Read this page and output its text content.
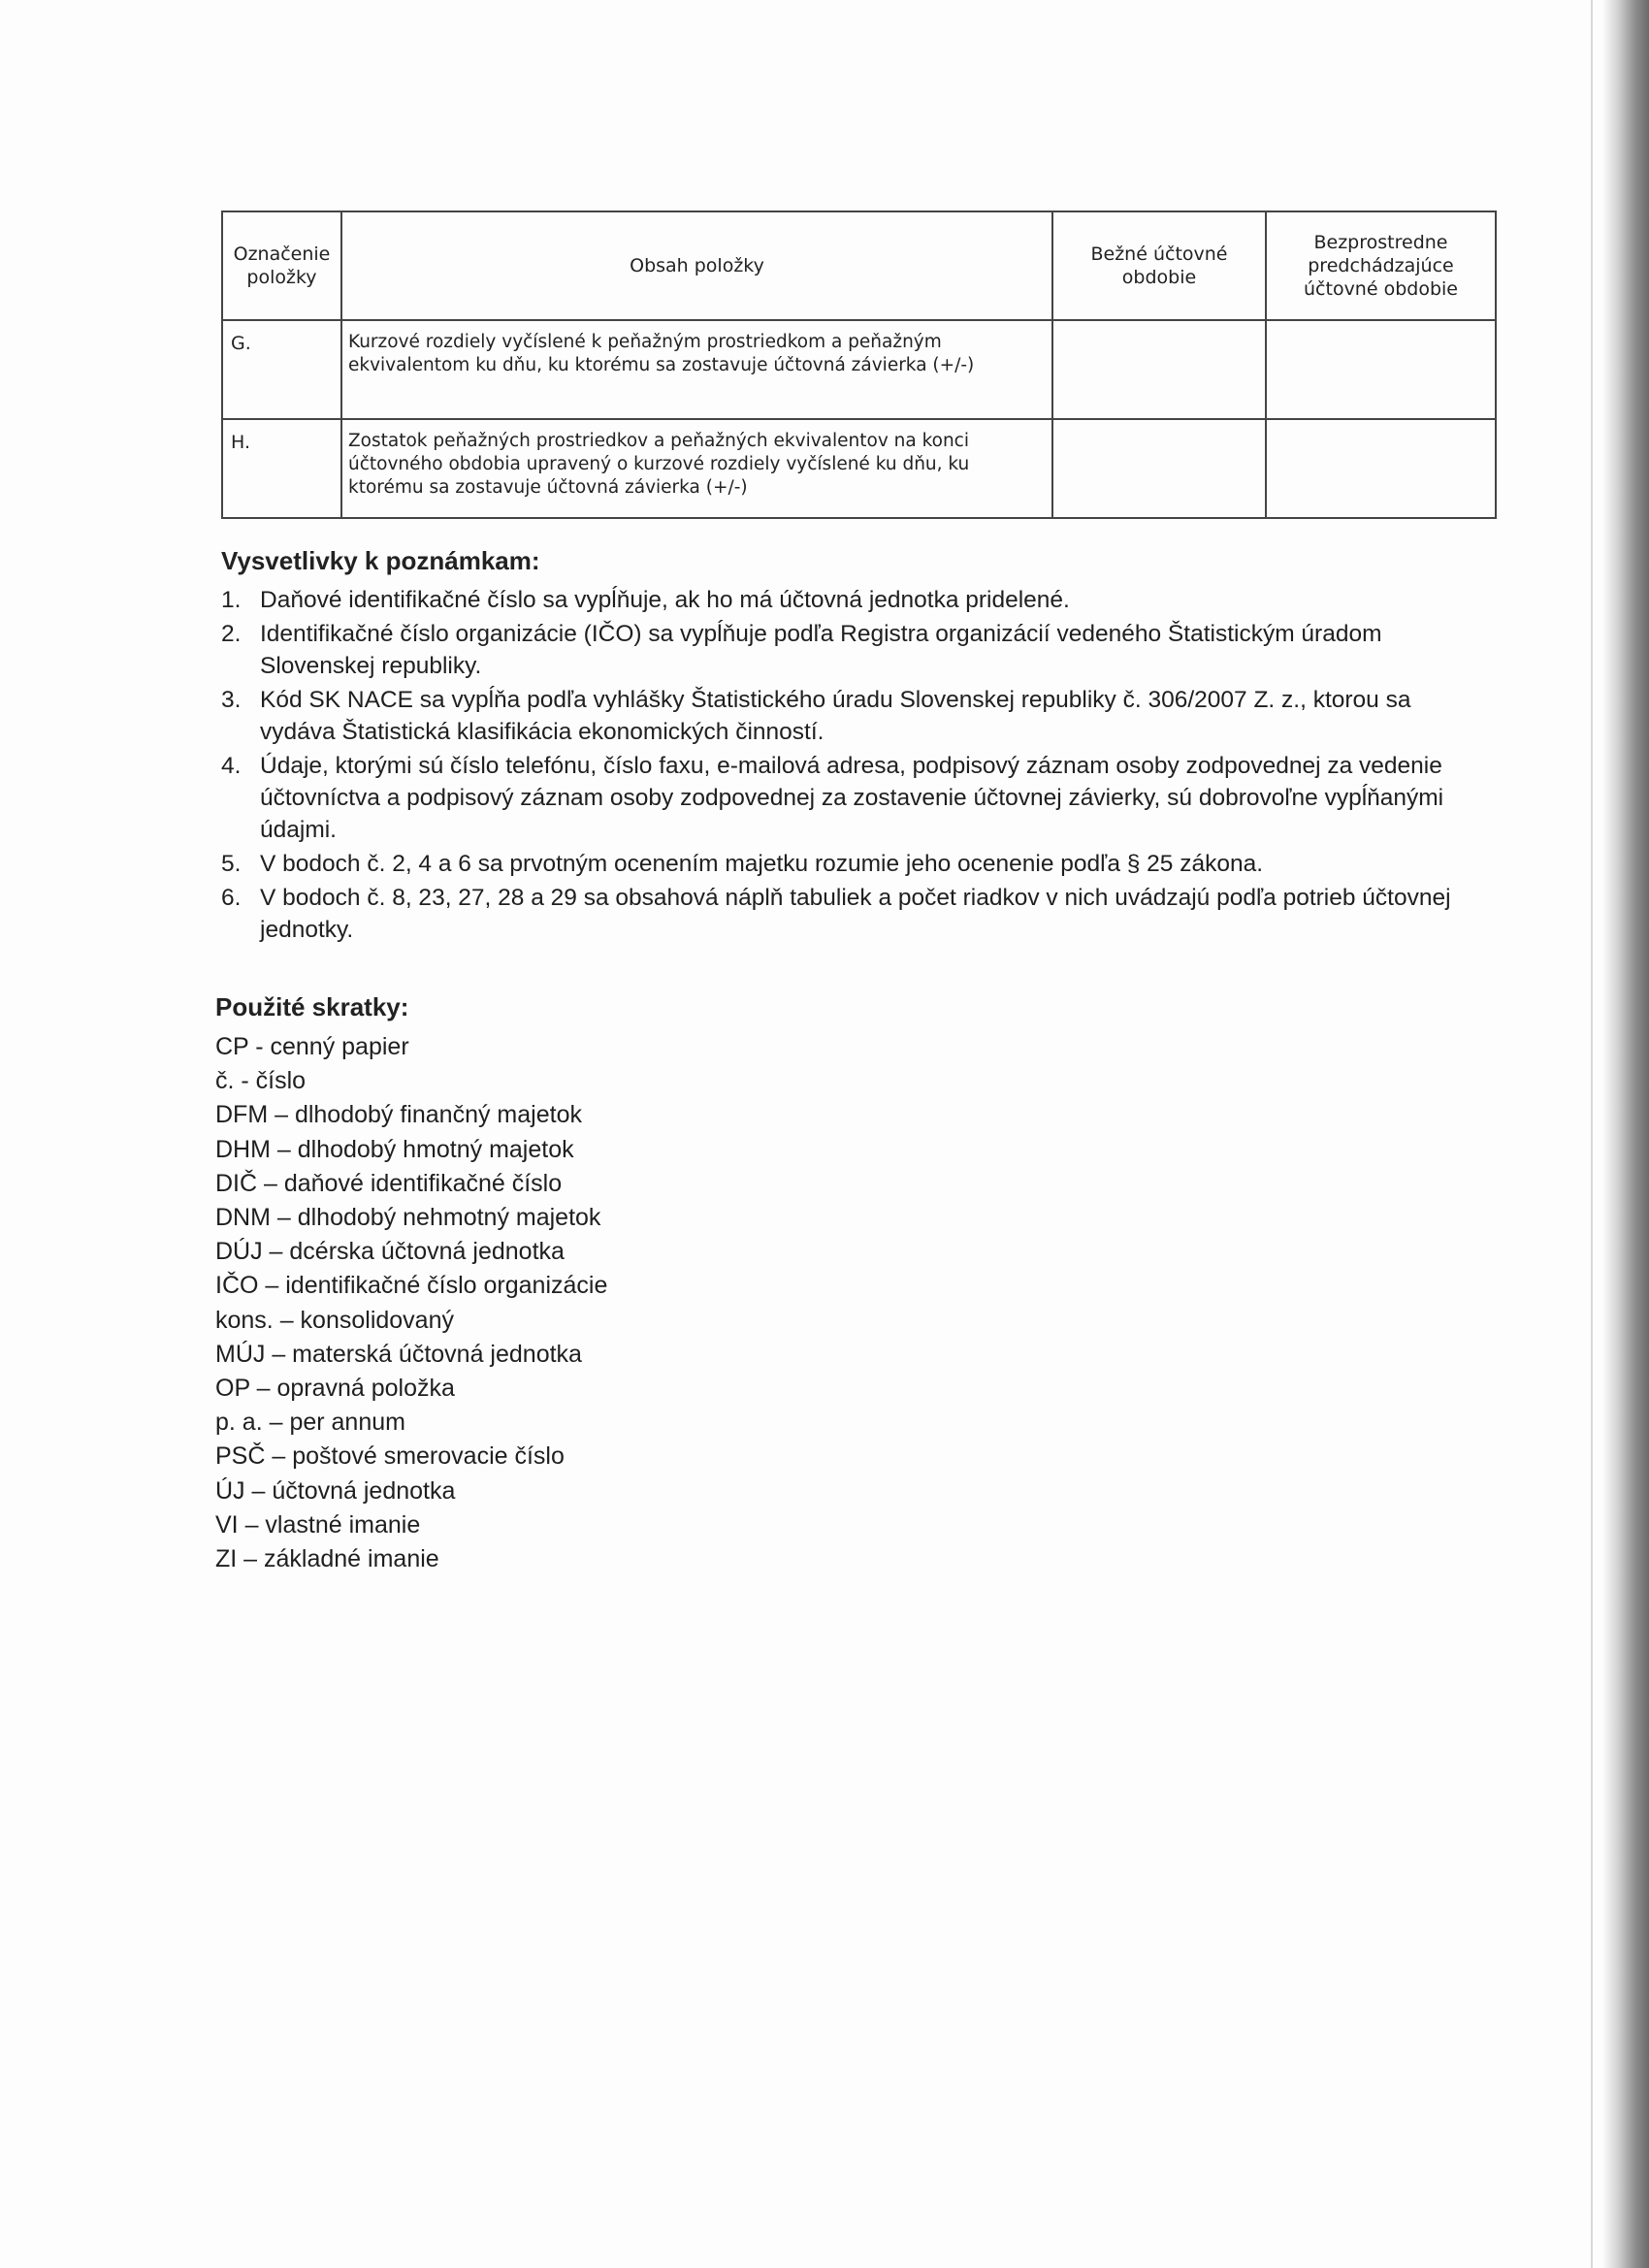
Označenie položky	Obsah položky	Bežné účtovné obdobie	Bezprostredne predchádzajúce účtovné obdobie
G.	Kurzové rozdiely vyčíslené k peňažným prostriedkom a peňažným ekvivalentom ku dňu, ku ktorému sa zostavuje účtovná závierka (+/-)		
H.	Zostatok peňažných prostriedkov a peňažných ekvivalentov na konci účtovného obdobia upravený o kurzové rozdiely vyčíslené ku dňu, ku ktorému sa zostavuje účtovná závierka (+/-)		
Vysvetlivky k poznámkam:
1. Daňové identifikačné číslo sa vypĺňuje, ak ho má účtovná jednotka pridelené.
2. Identifikačné číslo organizácie (IČO) sa vypĺňuje podľa Registra organizácií vedeného Štatistickým úradom Slovenskej republiky.
3. Kód SK NACE sa vypĺňa podľa vyhlášky Štatistického úradu Slovenskej republiky č. 306/2007 Z. z., ktorou sa vydáva Štatistická klasifikácia ekonomických činností.
4. Údaje, ktorými sú číslo telefónu, číslo faxu, e-mailová adresa, podpisový záznam osoby zodpovednej za vedenie účtovníctva a podpisový záznam osoby zodpovednej za zostavenie účtovnej závierky, sú dobrovoľne vypĺňanými údajmi.
5. V bodoch č. 2, 4 a 6 sa prvotným ocenením majetku rozumie jeho ocenenie podľa § 25 zákona.
6. V bodoch č. 8, 23, 27, 28 a 29 sa obsahová náplň tabuliek a počet riadkov v nich uvádzajú podľa potrieb účtovnej jednotky.
Použité skratky:
CP - cenný papier
č. - číslo
DFM – dlhodobý finančný majetok
DHM – dlhodobý hmotný majetok
DIČ – daňové identifikačné číslo
DNM – dlhodobý nehmotný majetok
DÚJ – dcérska účtovná jednotka
IČO – identifikačné číslo organizácie
kons. – konsolidovaný
MÚJ – materská účtovná jednotka
OP – opravná položka
p. a. – per annum
PSČ – poštové smerovacie číslo
ÚJ – účtovná jednotka
VI – vlastné imanie
ZI – základné imanie
